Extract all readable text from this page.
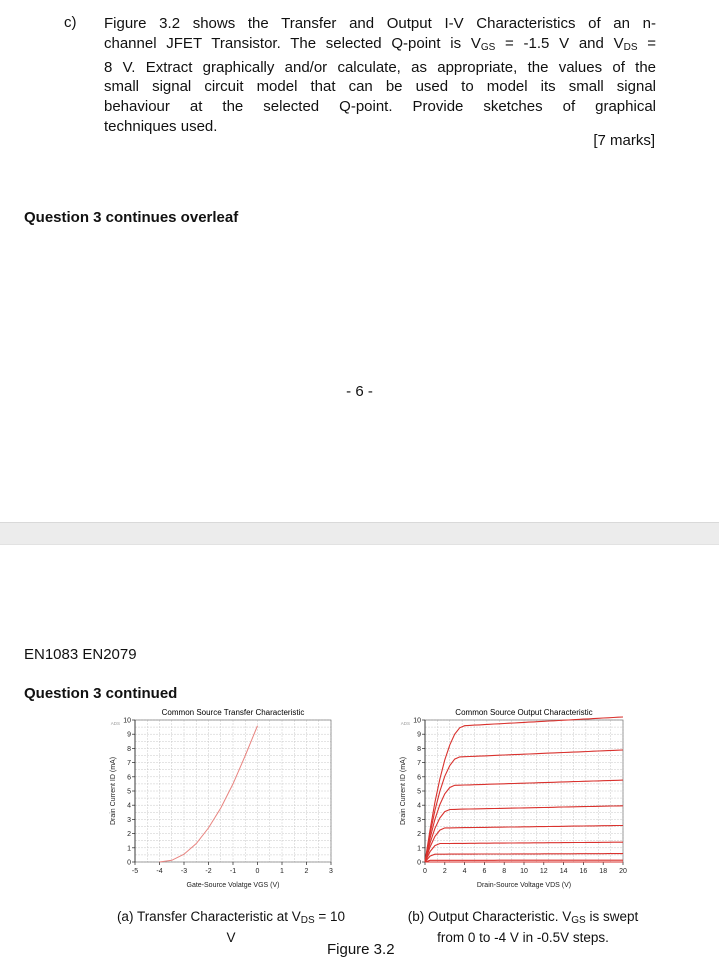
c) Figure 3.2 shows the Transfer and Output I-V Characteristics of an n-
channel JFET Transistor. The selected Q-point is $V_{GS} = -1.5$ V and $V_{DS}$ =
8 V. Extract graphically and/or calculate, as appropriate, the values of the
small signal circuit model that can be used to model its small signal
behaviour at the selected Q-point. Provide sketches of graphical
techniques used.
[7 marks]
Question 3 continues overleaf
- 6 -
EN1083 EN2079
Question 3 continued
0
1
2
3
4
5
6
7
8
9
10
-5	-4	-3	-2	-1	0	1	2	3
Common Source Transfer Characteristic
Gate-Source Volatge VGS (V)
Drain Current ID (mA)
ADS
0
1
2
3
4
5
6
7
8
9
10
0 2 4 6 8 10 12 14 16 18 20
Common Source Output Characteristic
Drain-Source Voltage VDS (V)
Drain Current ID (mA)
ADS
(a) Transfer Characteristic at $V_{DS} = 10$
V
(b) Output Characteristic. $V_{GS}$ is swept
from 0 to -4 V in -0.5V steps.
Figure 3.2
